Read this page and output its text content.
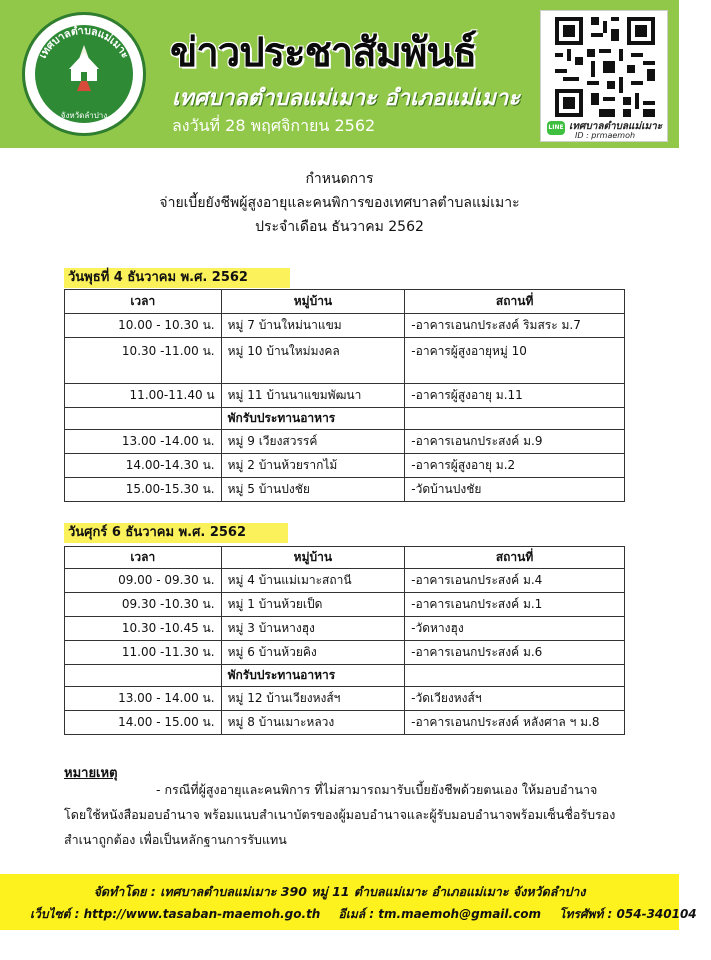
เทศบาลตำบลแม่เมาะ
จังหวัดลำปาง
ข่าวประชาสัมพันธ์
เทศบาลตำบลแม่เมาะ อำเภอแม่เมาะ
ลงวันที่ 28 พฤศจิกายน 2562	LINE เทศบาลตำบลแม่เมาะ
ID : prmaemoh
กำหนดการ
จ่ายเบี้ยยังชีพผู้สูงอายุและคนพิการของเทศบาลตำบลแม่เมาะ
ประจำเดือน ธันวาคม 2562
วันพุธที่ 4 ธันวาคม พ.ศ. 2562
เวลา	หมู่บ้าน	สถานที่
10.00 - 10.30 น.	หมู่ 7 บ้านใหม่นาแขม	-อาคารเอนกประสงค์ ริมสระ ม.7
10.30 -11.00 น.	หมู่ 10 บ้านใหม่มงคล	-อาคารผู้สูงอายุหมู่ 10
11.00-11.40 น	หมู่ 11 บ้านนาแขมพัฒนา	-อาคารผู้สูงอายุ ม.11
	พักรับประทานอาหาร	
13.00 -14.00 น.	หมู่ 9 เวียงสวรรค์	-อาคารเอนกประสงค์ ม.9
14.00-14.30 น.	หมู่ 2 บ้านห้วยรากไม้	-อาคารผู้สูงอายุ ม.2
15.00-15.30 น.	หมู่ 5 บ้านปงชัย	-วัดบ้านปงชัย
วันศุกร์ 6 ธันวาคม พ.ศ. 2562
เวลา	หมู่บ้าน	สถานที่
09.00 - 09.30 น.	หมู่ 4 บ้านแม่เมาะสถานี	-อาคารเอนกประสงค์ ม.4
09.30 -10.30 น.	หมู่ 1 บ้านห้วยเป็ด	-อาคารเอนกประสงค์ ม.1
10.30 -10.45 น.	หมู่ 3 บ้านหางฮุง	-วัดหางฮุง
11.00 -11.30 น.	หมู่ 6 บ้านห้วยคิง	-อาคารเอนกประสงค์ ม.6
	พักรับประทานอาหาร	
13.00 - 14.00 น.	หมู่ 12 บ้านเวียงหงส์ฯ	-วัดเวียงหงส์ฯ
14.00 - 15.00 น.	หมู่ 8 บ้านเมาะหลวง	-อาคารเอนกประสงค์ หลังศาล ฯ ม.8
หมายเหตุ
- กรณีที่ผู้สูงอายุและคนพิการ ที่ไม่สามารถมารับเบี้ยยังชีพด้วยตนเอง ให้มอบอำนาจ
โดยใช้หนังสือมอบอำนาจ พร้อมแนบสำเนาบัตรของผู้มอบอำนาจและผู้รับมอบอำนาจพร้อมเซ็นชื่อรับรอง
สำเนาถูกต้อง เพื่อเป็นหลักฐานการรับแทน
จัดทำโดย : เทศบาลตำบลแม่เมาะ 390 หมู่ 11 ตำบลแม่เมาะ อำเภอแม่เมาะ จังหวัดลำปาง
เว็บไซต์ : http://www.tasaban-maemoh.go.th อีเมล์ : tm.maemoh@gmail.com โทรศัพท์ : 054-340104
